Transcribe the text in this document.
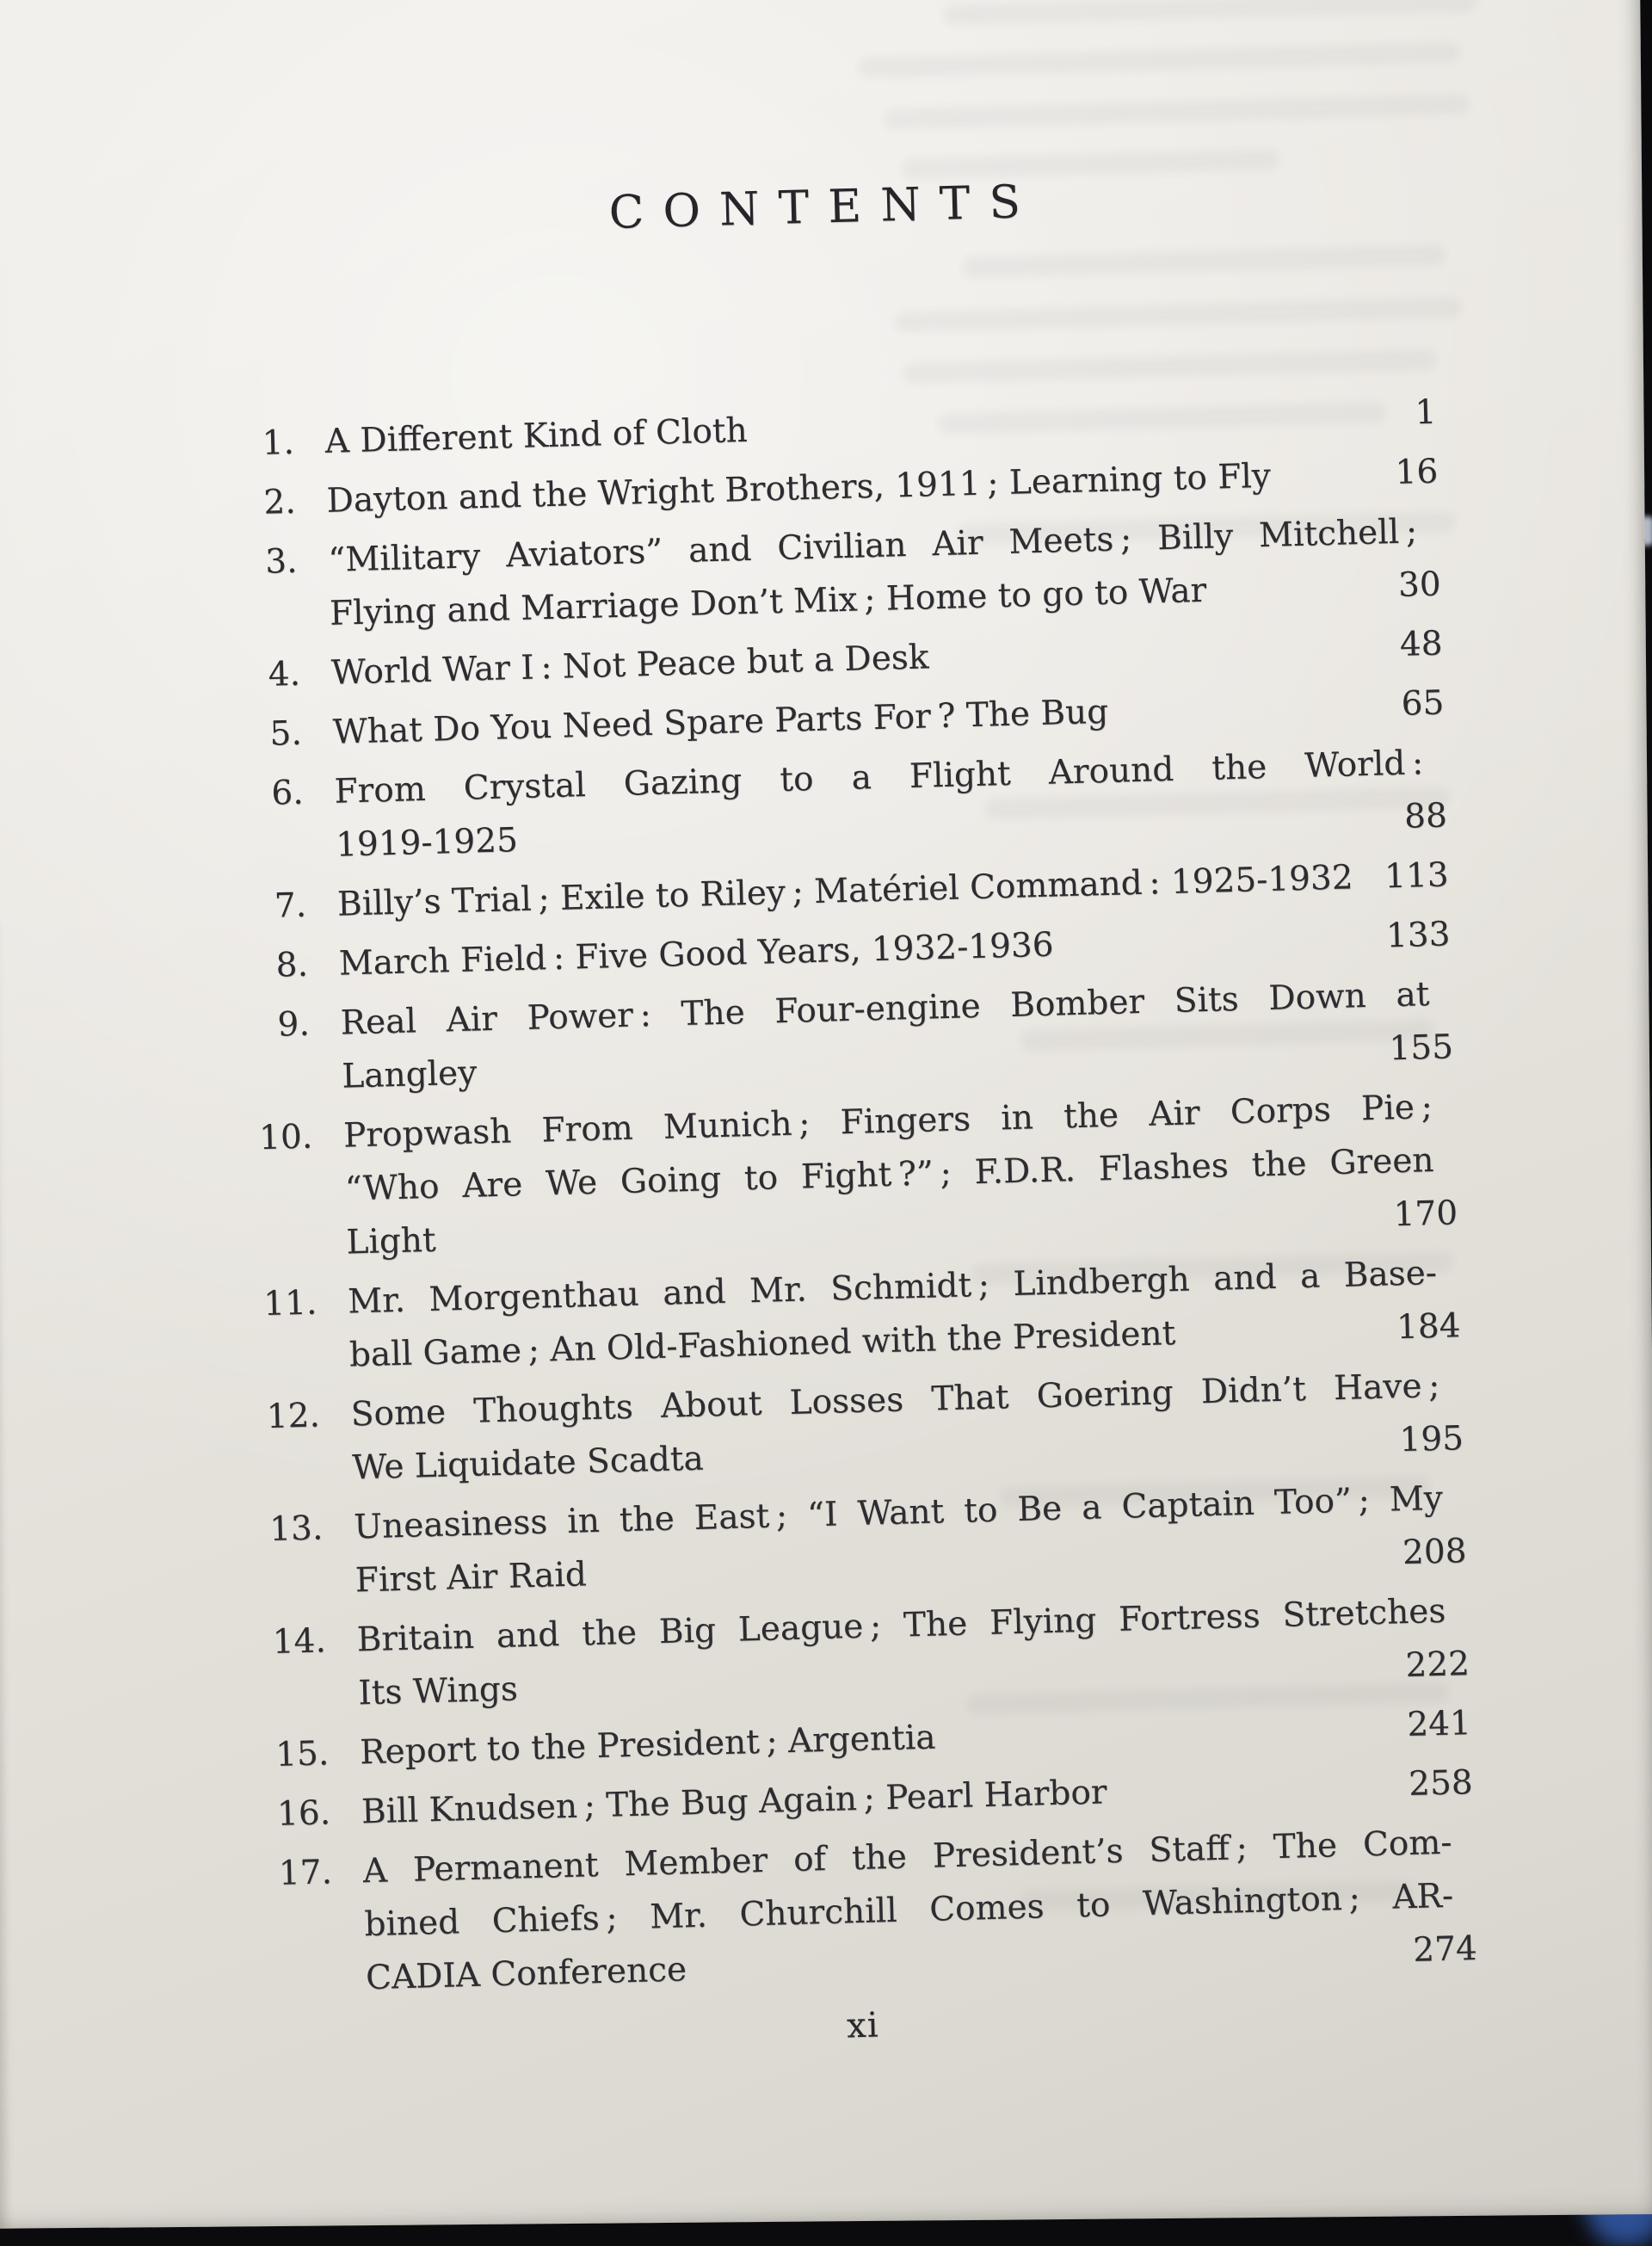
CONTENTS
1. A Different Kind of Cloth	1
2. Dayton and the Wright Brothers, 1911 ; Learning to Fly	16
3. “Military Aviators” and Civilian Air Meets ; Billy Mitchell ;
Flying and Marriage Don’t Mix ; Home to go to War	30
4. World War I : Not Peace but a Desk	48
5. What Do You Need Spare Parts For ? The Bug	65
6. From Crystal Gazing to a Flight Around the World :
1919-1925
88
7. Billy’s Trial ; Exile to Riley ; Matériel Command : 1925-1932 113
8. March Field : Five Good Years, 1932-1936	133
9. Real Air Power : The Four-engine Bomber Sits Down at
Langley
155
10. Propwash From Munich ; Fingers in the Air Corps Pie ;
“Who Are We Going to Fight ?” ; F.D.R. Flashes the Green
Light
170
11. Mr. Morgenthau and Mr. Schmidt ; Lindbergh and a Base-
ball Game ; An Old-Fashioned with the President	184
12. Some Thoughts About Losses That Goering Didn’t Have ;
We Liquidate Scadta	195
13. Uneasiness in the East ; “I Want to Be a Captain Too” ; My
First Air Raid
208
14. Britain and the Big League ; The Flying Fortress Stretches
Its Wings
222
15. Report to the President ; Argentia	241
16. Bill Knudsen ; The Bug Again ; Pearl Harbor	258
17. A Permanent Member of the President’s Staff ; The Com-
bined Chiefs ; Mr. Churchill Comes to Washington ; AR-
CADIA Conference
274
xi
